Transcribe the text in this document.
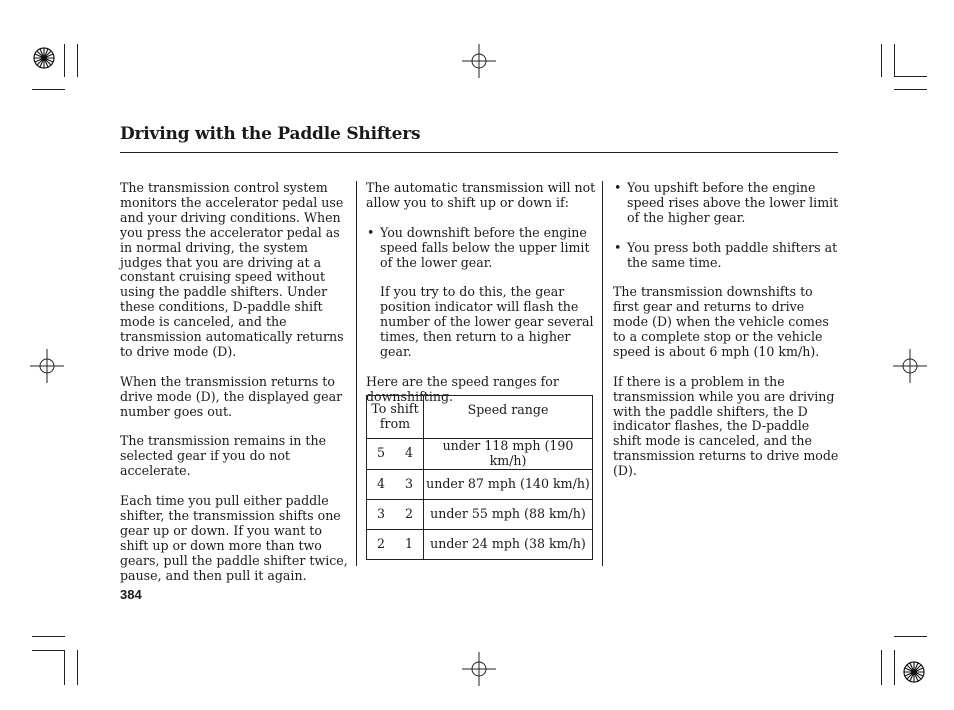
Driving with the Paddle Shifters

The transmission control system monitors the accelerator pedal use and your driving conditions. When you press the accelerator pedal as in normal driving, the system judges that you are driving at a constant cruising speed without using the paddle shifters. Under these conditions, D-paddle shift mode is canceled, and the transmission automatically returns to drive mode (D).

When the transmission returns to drive mode (D), the displayed gear number goes out.

The transmission remains in the selected gear if you do not accelerate.

Each time you pull either paddle shifter, the transmission shifts one gear up or down. If you want to shift up or down more than two gears, pull the paddle shifter twice, pause, and then pull it again.

The automatic transmission will not allow you to shift up or down if:

• You downshift before the engine speed falls below the upper limit of the lower gear.

If you try to do this, the gear position indicator will flash the number of the lower gear several times, then return to a higher gear.

Here are the speed ranges for downshifting.

To shift from	Speed range

5 4	under 118 mph (190 km/h)

4 3	under 87 mph (140 km/h)

3 2	under 55 mph (88 km/h)

2 1	under 24 mph (38 km/h)
• You upshift before the engine speed rises above the lower limit of the higher gear.
• You press both paddle shifters at the same time.

The transmission downshifts to first gear and returns to drive mode (D) when the vehicle comes to a complete stop or the vehicle speed is about 6 mph (10 km/h).

If there is a problem in the transmission while you are driving with the paddle shifters, the D indicator flashes, the D-paddle shift mode is canceled, and the transmission returns to drive mode (D).

384
